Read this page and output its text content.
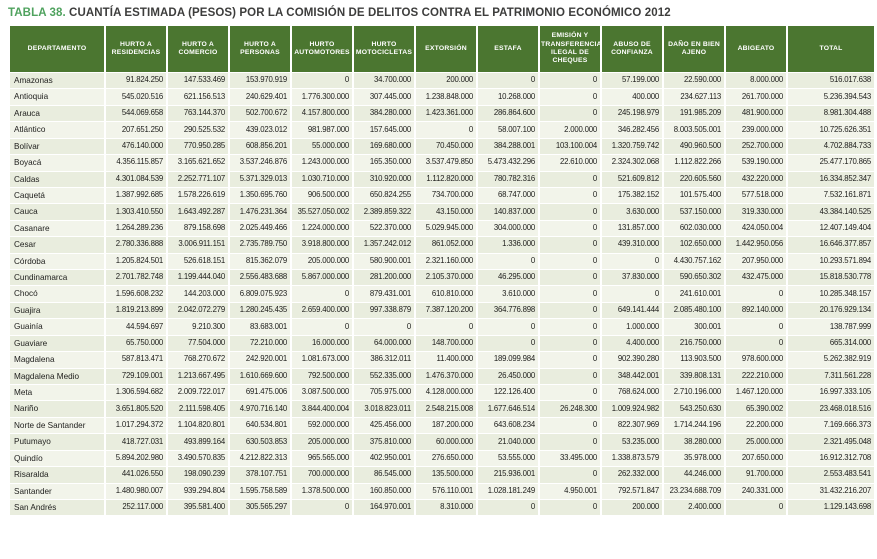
TABLA 38. CUANTÍA ESTIMADA (PESOS) POR LA COMISIÓN DE DELITOS CONTRA EL PATRIMONIO ECONÓMICO 2012
DEPARTAMENTO	HURTO A RESIDENCIAS	HURTO A COMERCIO	HURTO A PERSONAS	HURTO AUTOMOTORES	HURTO MOTOCICLETAS	EXTORSIÓN	ESTAFA	EMISIÓN Y TRANSFERENCIA ILEGAL DE CHEQUES	ABUSO DE CONFIANZA	DAÑO EN BIEN AJENO	ABIGEATO	TOTAL
Amazonas	91.824.250	147.533.469	153.970.919	0	34.700.000	200.000	0	0	57.199.000	22.590.000	8.000.000	516.017.638
Antioquia	545.020.516	621.156.513	240.629.401	1.776.300.000	307.445.000	1.238.848.000	10.268.000	0	400.000	234.627.113	261.700.000	5.236.394.543
Arauca	544.069.658	763.144.370	502.700.672	4.157.800.000	384.280.000	1.423.361.000	286.864.600	0	245.198.979	191.985.209	481.900.000	8.981.304.488
Atlántico	207.651.250	290.525.532	439.023.012	981.987.000	157.645.000	0	58.007.100	2.000.000	346.282.456	8.003.505.001	239.000.000	10.725.626.351
Bolívar	476.140.000	770.950.285	608.856.201	55.000.000	169.680.000	70.450.000	384.288.001	103.100.004	1.320.759.742	490.960.500	252.700.000	4.702.884.733
Boyacá	4.356.115.857	3.165.621.652	3.537.246.876	1.243.000.000	165.350.000	3.537.479.850	5.473.432.296	22.610.000	2.324.302.068	1.112.822.266	539.190.000	25.477.170.865
Caldas	4.301.084.539	2.252.771.107	5.371.329.013	1.030.710.000	310.920.000	1.112.820.000	780.782.316	0	521.609.812	220.605.560	432.220.000	16.334.852.347
Caquetá	1.387.992.685	1.578.226.619	1.350.695.760	906.500.000	650.824.255	734.700.000	68.747.000	0	175.382.152	101.575.400	577.518.000	7.532.161.871
Cauca	1.303.410.550	1.643.492.287	1.476.231.364	35.527.050.002	2.389.859.322	43.150.000	140.837.000	0	3.630.000	537.150.000	319.330.000	43.384.140.525
Casanare	1.264.289.236	879.158.698	2.025.449.466	1.224.000.000	522.370.000	5.029.945.000	304.000.000	0	131.857.000	602.030.000	424.050.004	12.407.149.404
Cesar	2.780.336.888	3.006.911.151	2.735.789.750	3.918.800.000	1.357.242.012	861.052.000	1.336.000	0	439.310.000	102.650.000	1.442.950.056	16.646.377.857
Córdoba	1.205.824.501	526.618.151	815.362.079	205.000.000	580.900.001	2.321.160.000	0	0	0	4.430.757.162	207.950.000	10.293.571.894
Cundinamarca	2.701.782.748	1.199.444.040	2.556.483.688	5.867.000.000	281.200.000	2.105.370.000	46.295.000	0	37.830.000	590.650.302	432.475.000	15.818.530.778
Chocó	1.596.608.232	144.203.000	6.809.075.923	0	879.431.001	610.810.000	3.610.000	0	0	241.610.001	0	10.285.348.157
Guajira	1.819.213.899	2.042.072.279	1.280.245.435	2.659.400.000	997.338.879	7.387.120.200	364.776.898	0	649.141.444	2.085.480.100	892.140.000	20.176.929.134
Guainía	44.594.697	9.210.300	83.683.001	0	0	0	0	0	1.000.000	300.001	0	138.787.999
Guaviare	65.750.000	77.504.000	72.210.000	16.000.000	64.000.000	148.700.000	0	0	4.400.000	216.750.000	0	665.314.000
Magdalena	587.813.471	768.270.672	242.920.001	1.081.673.000	386.312.011	11.400.000	189.099.984	0	902.390.280	113.903.500	978.600.000	5.262.382.919
Magdalena Medio	729.109.001	1.213.667.495	1.610.669.600	792.500.000	552.335.000	1.476.370.000	26.450.000	0	348.442.001	339.808.131	222.210.000	7.311.561.228
Meta	1.306.594.682	2.009.722.017	691.475.006	3.087.500.000	705.975.000	4.128.000.000	122.126.400	0	768.624.000	2.710.196.000	1.467.120.000	16.997.333.105
Nariño	3.651.805.520	2.111.598.405	4.970.716.140	3.844.400.004	3.018.823.011	2.548.215.008	1.677.646.514	26.248.300	1.009.924.982	543.250.630	65.390.002	23.468.018.516
Norte de Santander	1.017.294.372	1.104.820.801	640.534.801	592.000.000	425.456.000	187.200.000	643.608.234	0	822.307.969	1.714.244.196	22.200.000	7.169.666.373
Putumayo	418.727.031	493.899.164	630.503.853	205.000.000	375.810.000	60.000.000	21.040.000	0	53.235.000	38.280.000	25.000.000	2.321.495.048
Quindío	5.894.202.980	3.490.570.835	4.212.822.313	965.565.000	402.950.001	276.650.000	53.555.000	33.495.000	1.338.873.579	35.978.000	207.650.000	16.912.312.708
Risaralda	441.026.550	198.090.239	378.107.751	700.000.000	86.545.000	135.500.000	215.936.001	0	262.332.000	44.246.000	91.700.000	2.553.483.541
Santander	1.480.980.007	939.294.804	1.595.758.589	1.378.500.000	160.850.000	576.110.001	1.028.181.249	4.950.001	792.571.847	23.234.688.709	240.331.000	31.432.216.207
San Andrés	252.117.000	395.581.400	305.565.297	0	164.970.001	8.310.000	0	0	200.000	2.400.000	0	1.129.143.698
